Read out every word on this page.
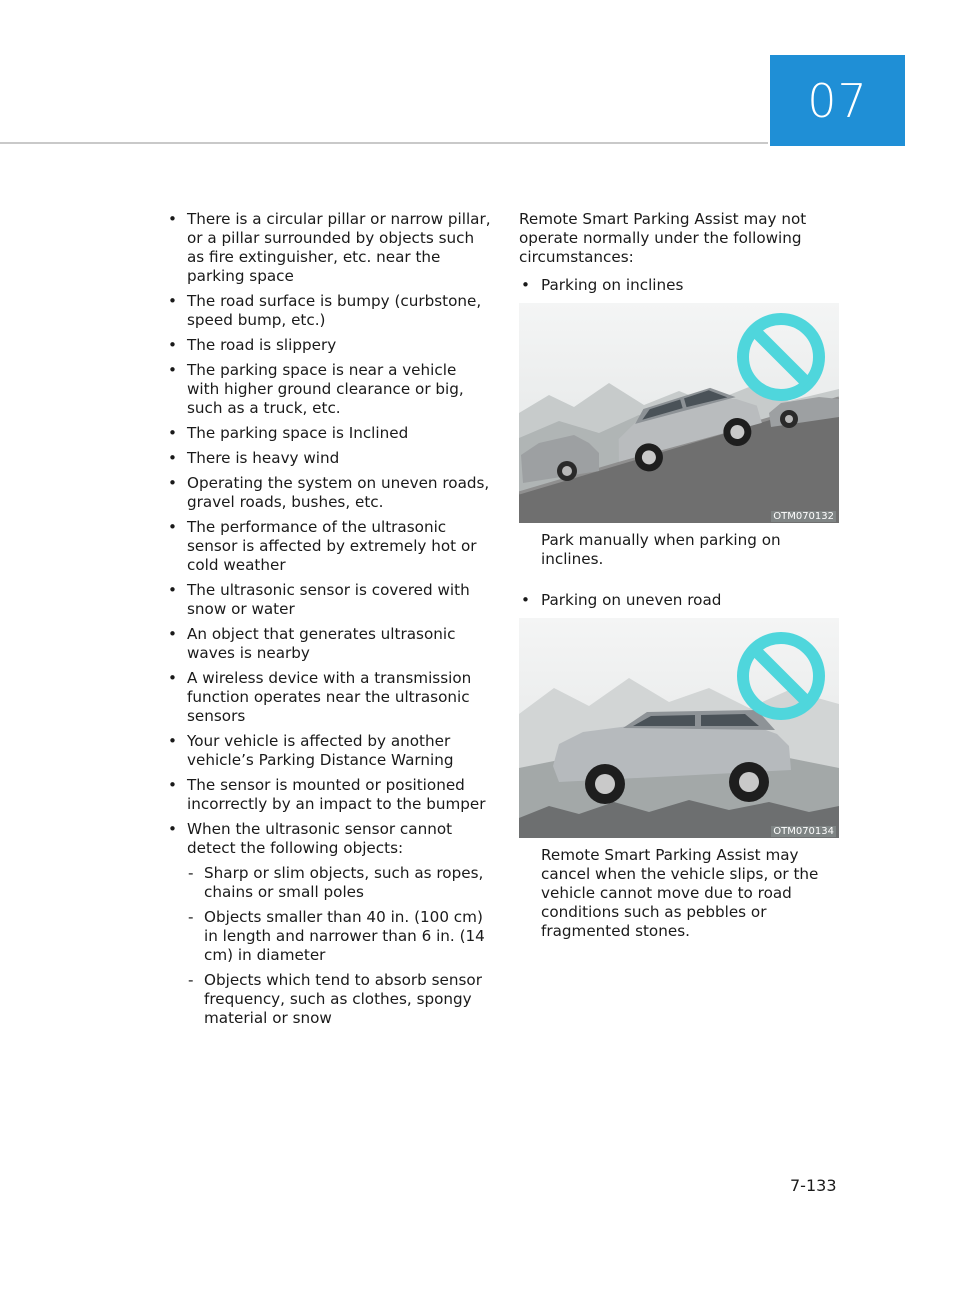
07
• There is a circular pillar or narrow pillar, or a pillar surrounded by objects such as fire extinguisher, etc. near the parking space
• The road surface is bumpy (curbstone, speed bump, etc.)
• The road is slippery
• The parking space is near a vehicle with higher ground clearance or big, such as a truck, etc.
• The parking space is Inclined
• There is heavy wind
• Operating the system on uneven roads, gravel roads, bushes, etc.
• The performance of the ultrasonic sensor is affected by extremely hot or cold weather
• The ultrasonic sensor is covered with snow or water
• An object that generates ultrasonic waves is nearby
• A wireless device with a transmission function operates near the ultrasonic sensors
• Your vehicle is affected by another vehicle’s Parking Distance Warning
• The sensor is mounted or positioned incorrectly by an impact to the bumper
• When the ultrasonic sensor cannot detect the following objects:
- Sharp or slim objects, such as ropes, chains or small poles
- Objects smaller than 40 in. (100 cm) in length and narrower than 6 in. (14 cm) in diameter
- Objects which tend to absorb sensor frequency, such as clothes, spongy material or snow

Remote Smart Parking Assist may not operate normally under the following circumstances:

• Parking on inclines
OTM070132
Park manually when parking on inclines.
• Parking on uneven road
OTM070134
Remote Smart Parking Assist may cancel when the vehicle slips, or the vehicle cannot move due to road conditions such as pebbles or fragmented stones.
7-133
